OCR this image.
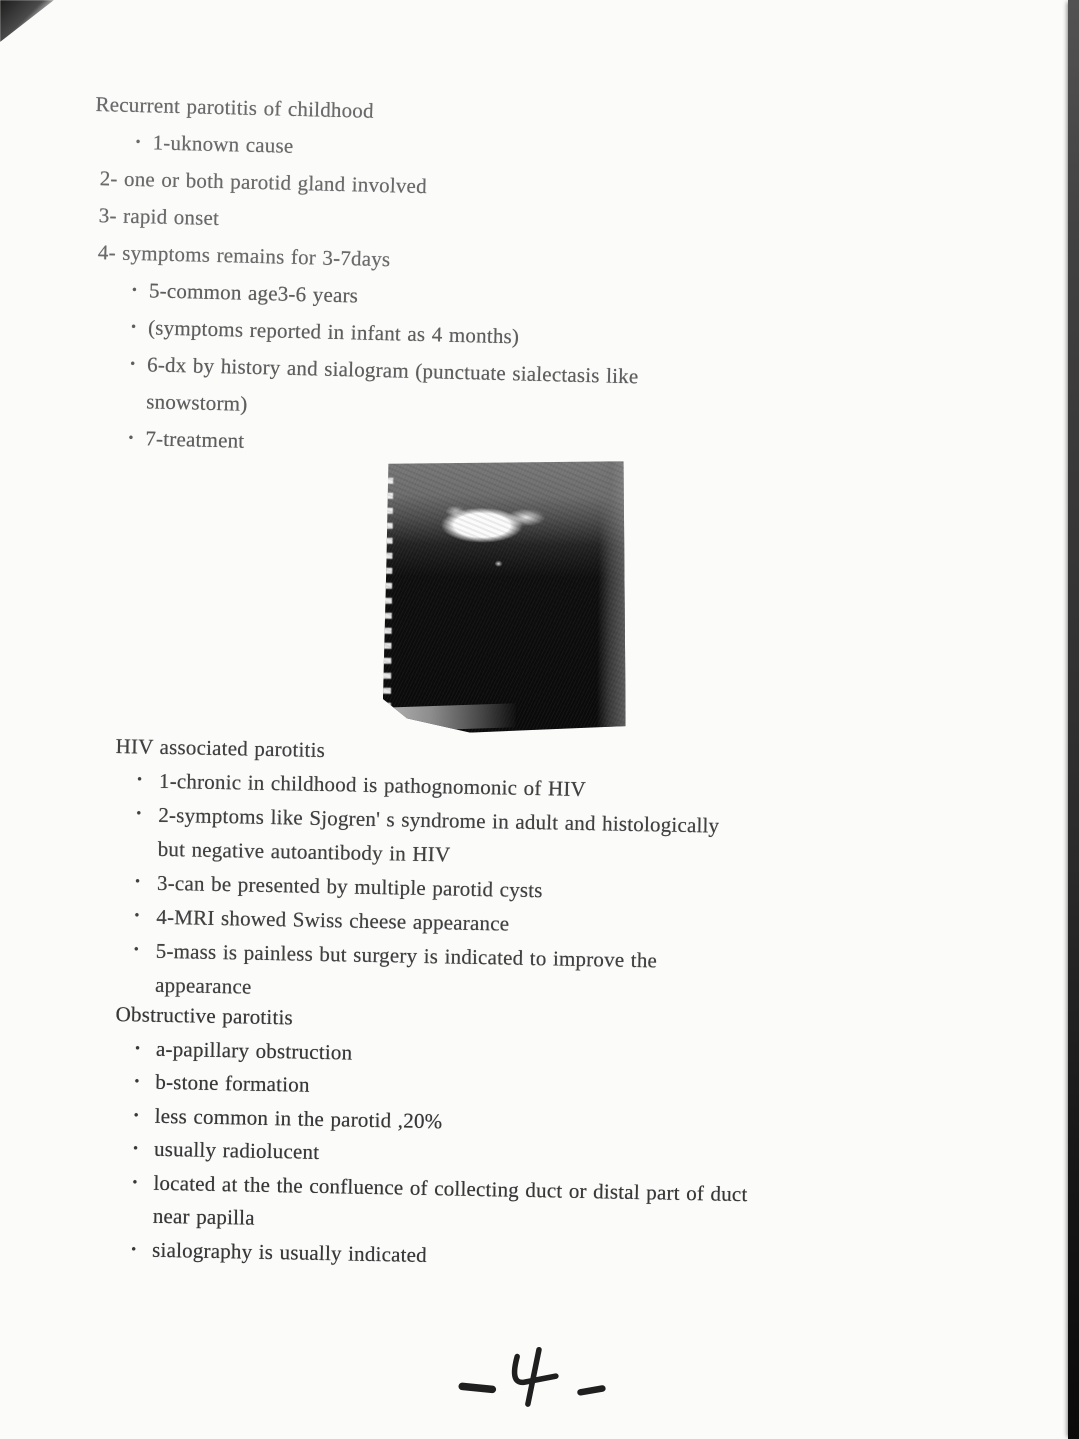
Recurrent parotitis of childhood
• 1-uknown cause
2- one or both parotid gland involved
3- rapid onset
4- symptoms remains for 3-7days
• 5-common age3-6 years
• (symptoms reported in infant as 4 months)
• 6-dx by history and sialogram (punctuate sialectasis like
snowstorm)
• 7-treatment
HIV associated parotitis
• 1-chronic in childhood is pathognomonic of HIV
• 2-symptoms like Sjogren' s syndrome in adult and histologically
but negative autoantibody in HIV
• 3-can be presented by multiple parotid cysts
• 4-MRI showed Swiss cheese appearance
• 5-mass is painless but surgery is indicated to improve the
appearance
Obstructive parotitis
• a-papillary obstruction
• b-stone formation
• less common in the parotid ,20%
• usually radiolucent
• located at the the confluence of collecting duct or distal part of duct
near papilla
• sialography is usually indicated
